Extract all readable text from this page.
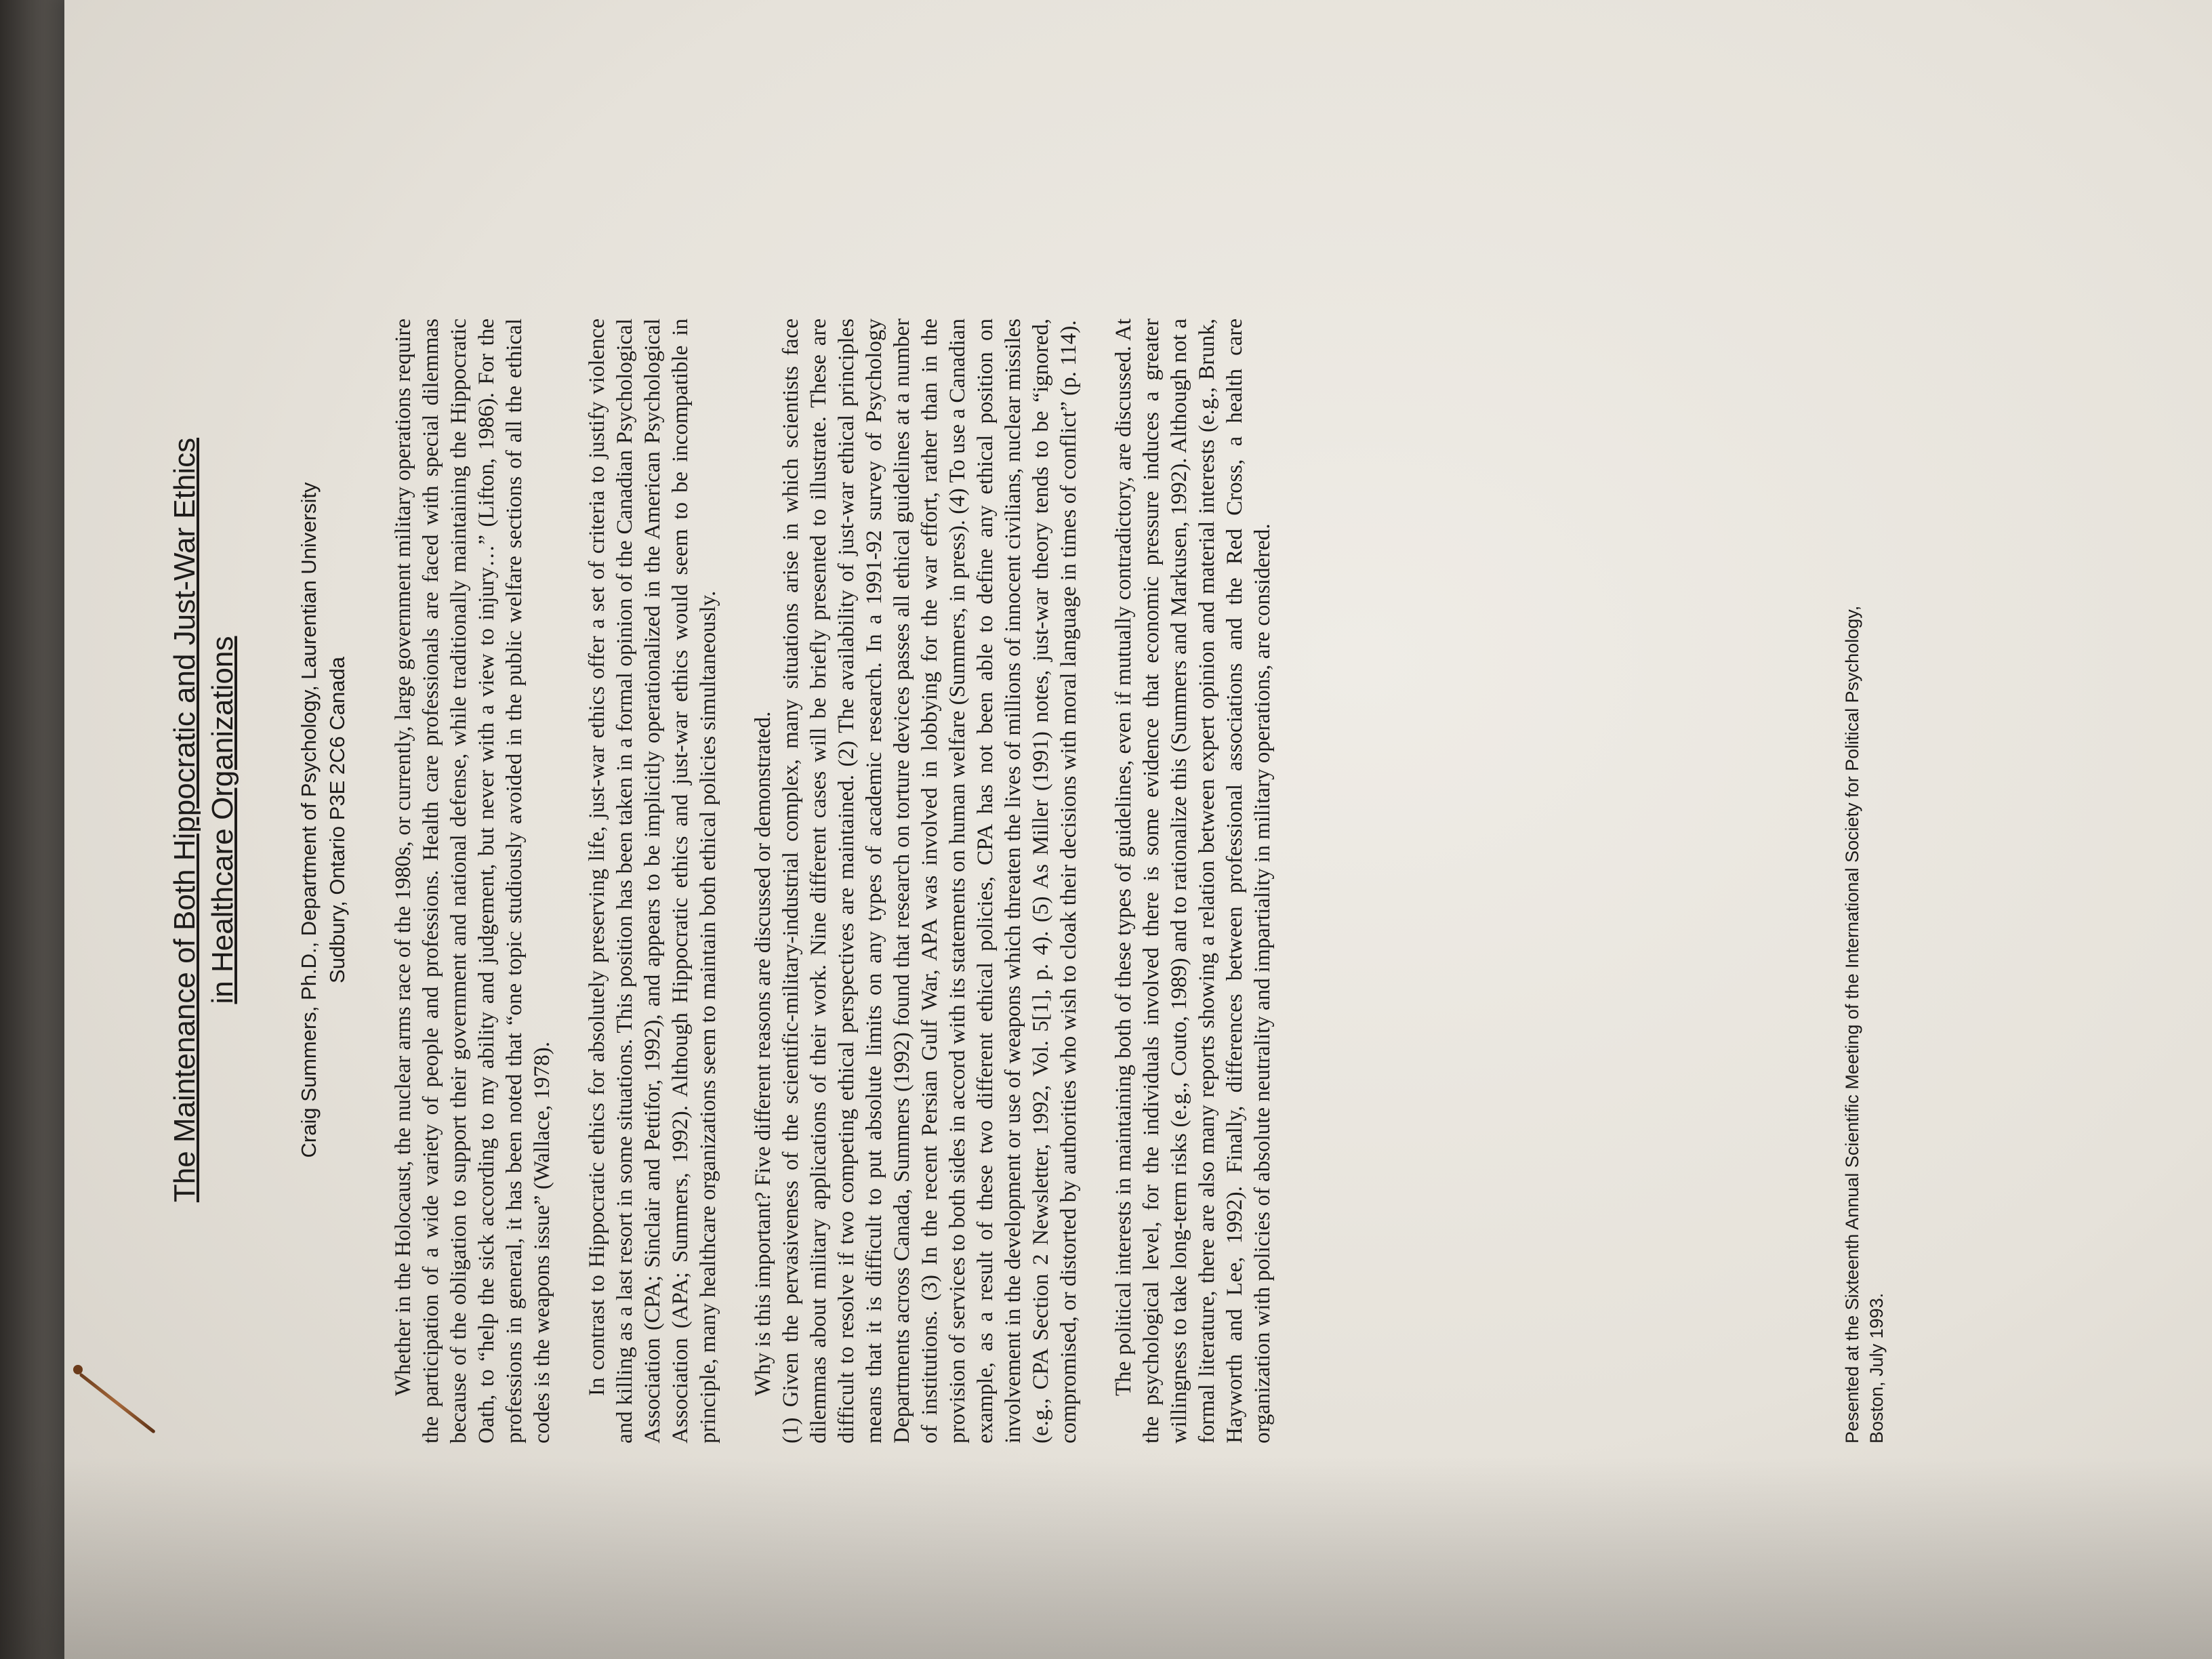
The Maintenance of Both Hippocratic and Just-War Ethics in Healthcare Organizations	Craig Summers, Ph.D., Department of Psychology, Laurentian University Sudbury, Ontario P3E 2C6 Canada Whether in the Holocaust, the nuclear arms race of the 1980s, or currently, large government military operations require the participation of a wide variety of people and professions. Health care professionals are faced with special dilemmas because of the obligation to support their government and national defense, while traditionally maintaining the Hippocratic Oath, to “help the sick according to my ability and judgement, but never with a view to injury…” (Lifton, 1986). For the professions in general, it has been noted that “one topic studiously avoided in the public welfare sections of all the ethical codes is the weapons issue” (Wallace, 1978). In contrast to Hippocratic ethics for absolutely preserving life, just-war ethics offer a set of criteria to justify violence and killing as a last resort in some situations. This position has been taken in a formal opinion of the Canadian Psychological Association (CPA; Sinclair and Pettifor, 1992), and appears to be implicitly operationalized in the American Psychological Association (APA; Summers, 1992). Although Hippocratic ethics and just-war ethics would seem to be incompatible in principle, many healthcare organizations seem to maintain both ethical policies simultaneously. Why is this important? Five different reasons are discussed or demonstrated. (1) Given the pervasiveness of the scientific-military-industrial complex, many situations arise in which scientists face dilemmas about military applications of their work. Nine different cases will be briefly presented to illustrate. These are difficult to resolve if two competing ethical perspectives are maintained. (2) The availability of just-war ethical principles means that it is difficult to put absolute limits on any types of academic research. In a 1991-92 survey of Psychology Departments across Canada, Summers (1992) found that research on torture devices passes all ethical guidelines at a number of institutions. (3) In the recent Persian Gulf War, APA was involved in lobbying for the war effort, rather than in the provision of services to both sides in accord with its statements on human welfare (Summers, in press). (4) To use a Canadian example, as a result of these two different ethical policies, CPA has not been able to define any ethical position on involvement in the development or use of weapons which threaten the lives of millions of innocent civilians, nuclear missiles (e.g., CPA Section 2 Newsletter, 1992, Vol. 5[1], p. 4). (5) As Miller (1991) notes, just-war theory tends to be “ignored, compromised, or distorted by authorities who wish to cloak their decisions with moral language in times of conflict” (p. 114). The political interests in maintaining both of these types of guidelines, even if mutually contradictory, are discussed. At the psychological level, for the individuals involved there is some evidence that economic pressure induces a greater willingness to take long-term risks (e.g., Couto, 1989) and to rationalize this (Summers and Markusen, 1992). Although not a formal literature, there are also many reports showing a relation between expert opinion and material interests (e.g., Brunk, Hayworth and Lee, 1992). Finally, differences between professional associations and the Red Cross, a health care organization with policies of absolute neutrality and impartiality in military operations, are considered.	Pesented at the Sixteenth Annual Scientific Meeting of the International Society for Political Psychology, Boston, July 1993.
